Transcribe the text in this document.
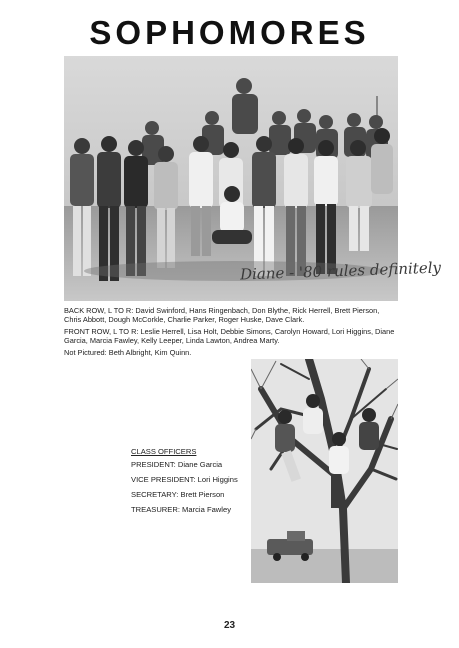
SOPHOMORES
Diane - '80 rules definitely

BACK ROW, L TO R: David Swinford, Hans Ringenbach, Don Blythe, Rick Herrell, Brett Pierson, Chris Abbott, Dough McCorkle, Charlie Parker, Roger Huske, Dave Clark.

FRONT ROW, L TO R: Leslie Herrell, Lisa Holt, Debbie Simons, Carolyn Howard, Lori Higgins, Diane Garcia, Marcia Fawley, Kelly Leeper, Linda Lawton, Andrea Marty.

Not Pictured: Beth Albright, Kim Quinn.

CLASS OFFICERS
PRESIDENT: Diane Garcia
VICE PRESIDENT: Lori Higgins
SECRETARY: Brett Pierson
TREASURER: Marcia Fawley
23
